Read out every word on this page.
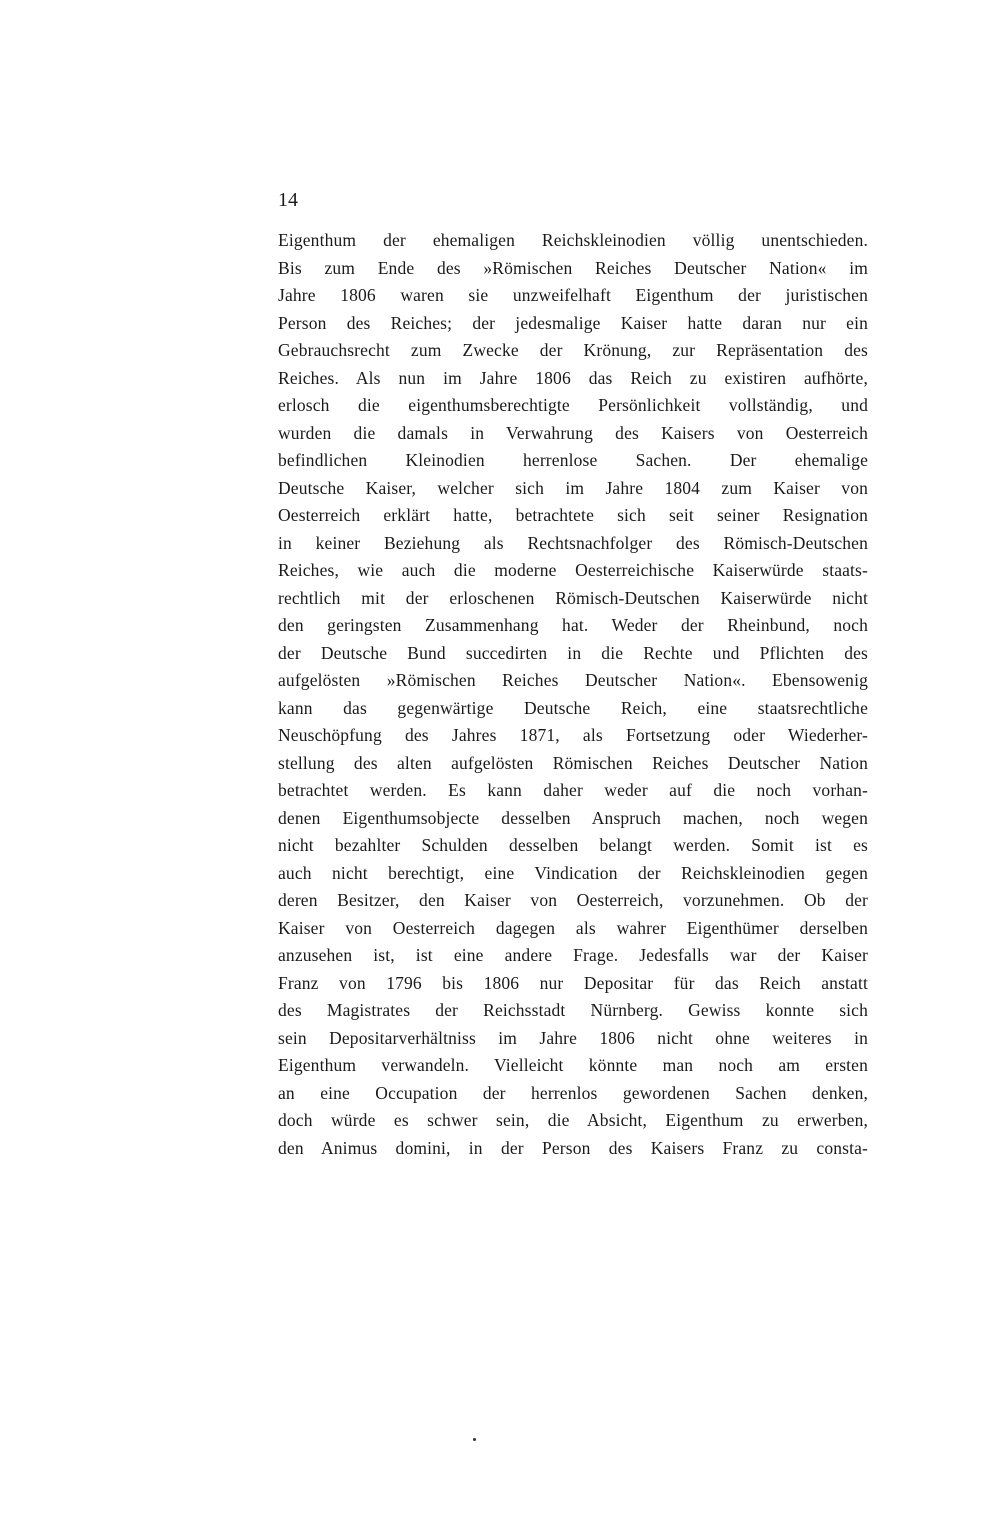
14
Eigenthum der ehemaligen Reichskleinodien völlig unentschieden.
Bis zum Ende des »Römischen Reiches Deutscher Nation« im
Jahre 1806 waren sie unzweifelhaft Eigenthum der juristischen
Person des Reiches; der jedesmalige Kaiser hatte daran nur ein
Gebrauchsrecht zum Zwecke der Krönung, zur Repräsentation des
Reiches. Als nun im Jahre 1806 das Reich zu existiren aufhörte,
erlosch die eigenthumsberechtigte Persönlichkeit vollständig, und
wurden die damals in Verwahrung des Kaisers von Oesterreich
befindlichen Kleinodien herrenlose Sachen. Der ehemalige
Deutsche Kaiser, welcher sich im Jahre 1804 zum Kaiser von
Oesterreich erklärt hatte, betrachtete sich seit seiner Resignation
in keiner Beziehung als Rechtsnachfolger des Römisch-Deutschen
Reiches, wie auch die moderne Oesterreichische Kaiserwürde staats-
rechtlich mit der erloschenen Römisch-Deutschen Kaiserwürde nicht
den geringsten Zusammenhang hat. Weder der Rheinbund, noch
der Deutsche Bund succedirten in die Rechte und Pflichten des
aufgelösten »Römischen Reiches Deutscher Nation«. Ebensowenig
kann das gegenwärtige Deutsche Reich, eine staatsrechtliche
Neuschöpfung des Jahres 1871, als Fortsetzung oder Wiederher-
stellung des alten aufgelösten Römischen Reiches Deutscher Nation
betrachtet werden. Es kann daher weder auf die noch vorhan-
denen Eigenthumsobjecte desselben Anspruch machen, noch wegen
nicht bezahlter Schulden desselben belangt werden. Somit ist es
auch nicht berechtigt, eine Vindication der Reichskleinodien gegen
deren Besitzer, den Kaiser von Oesterreich, vorzunehmen. Ob der
Kaiser von Oesterreich dagegen als wahrer Eigenthümer derselben
anzusehen ist, ist eine andere Frage. Jedesfalls war der Kaiser
Franz von 1796 bis 1806 nur Depositar für das Reich anstatt
des Magistrates der Reichsstadt Nürnberg. Gewiss konnte sich
sein Depositarverhältniss im Jahre 1806 nicht ohne weiteres in
Eigenthum verwandeln. Vielleicht könnte man noch am ersten
an eine Occupation der herrenlos gewordenen Sachen denken,
doch würde es schwer sein, die Absicht, Eigenthum zu erwerben,
den Animus domini, in der Person des Kaisers Franz zu consta-
